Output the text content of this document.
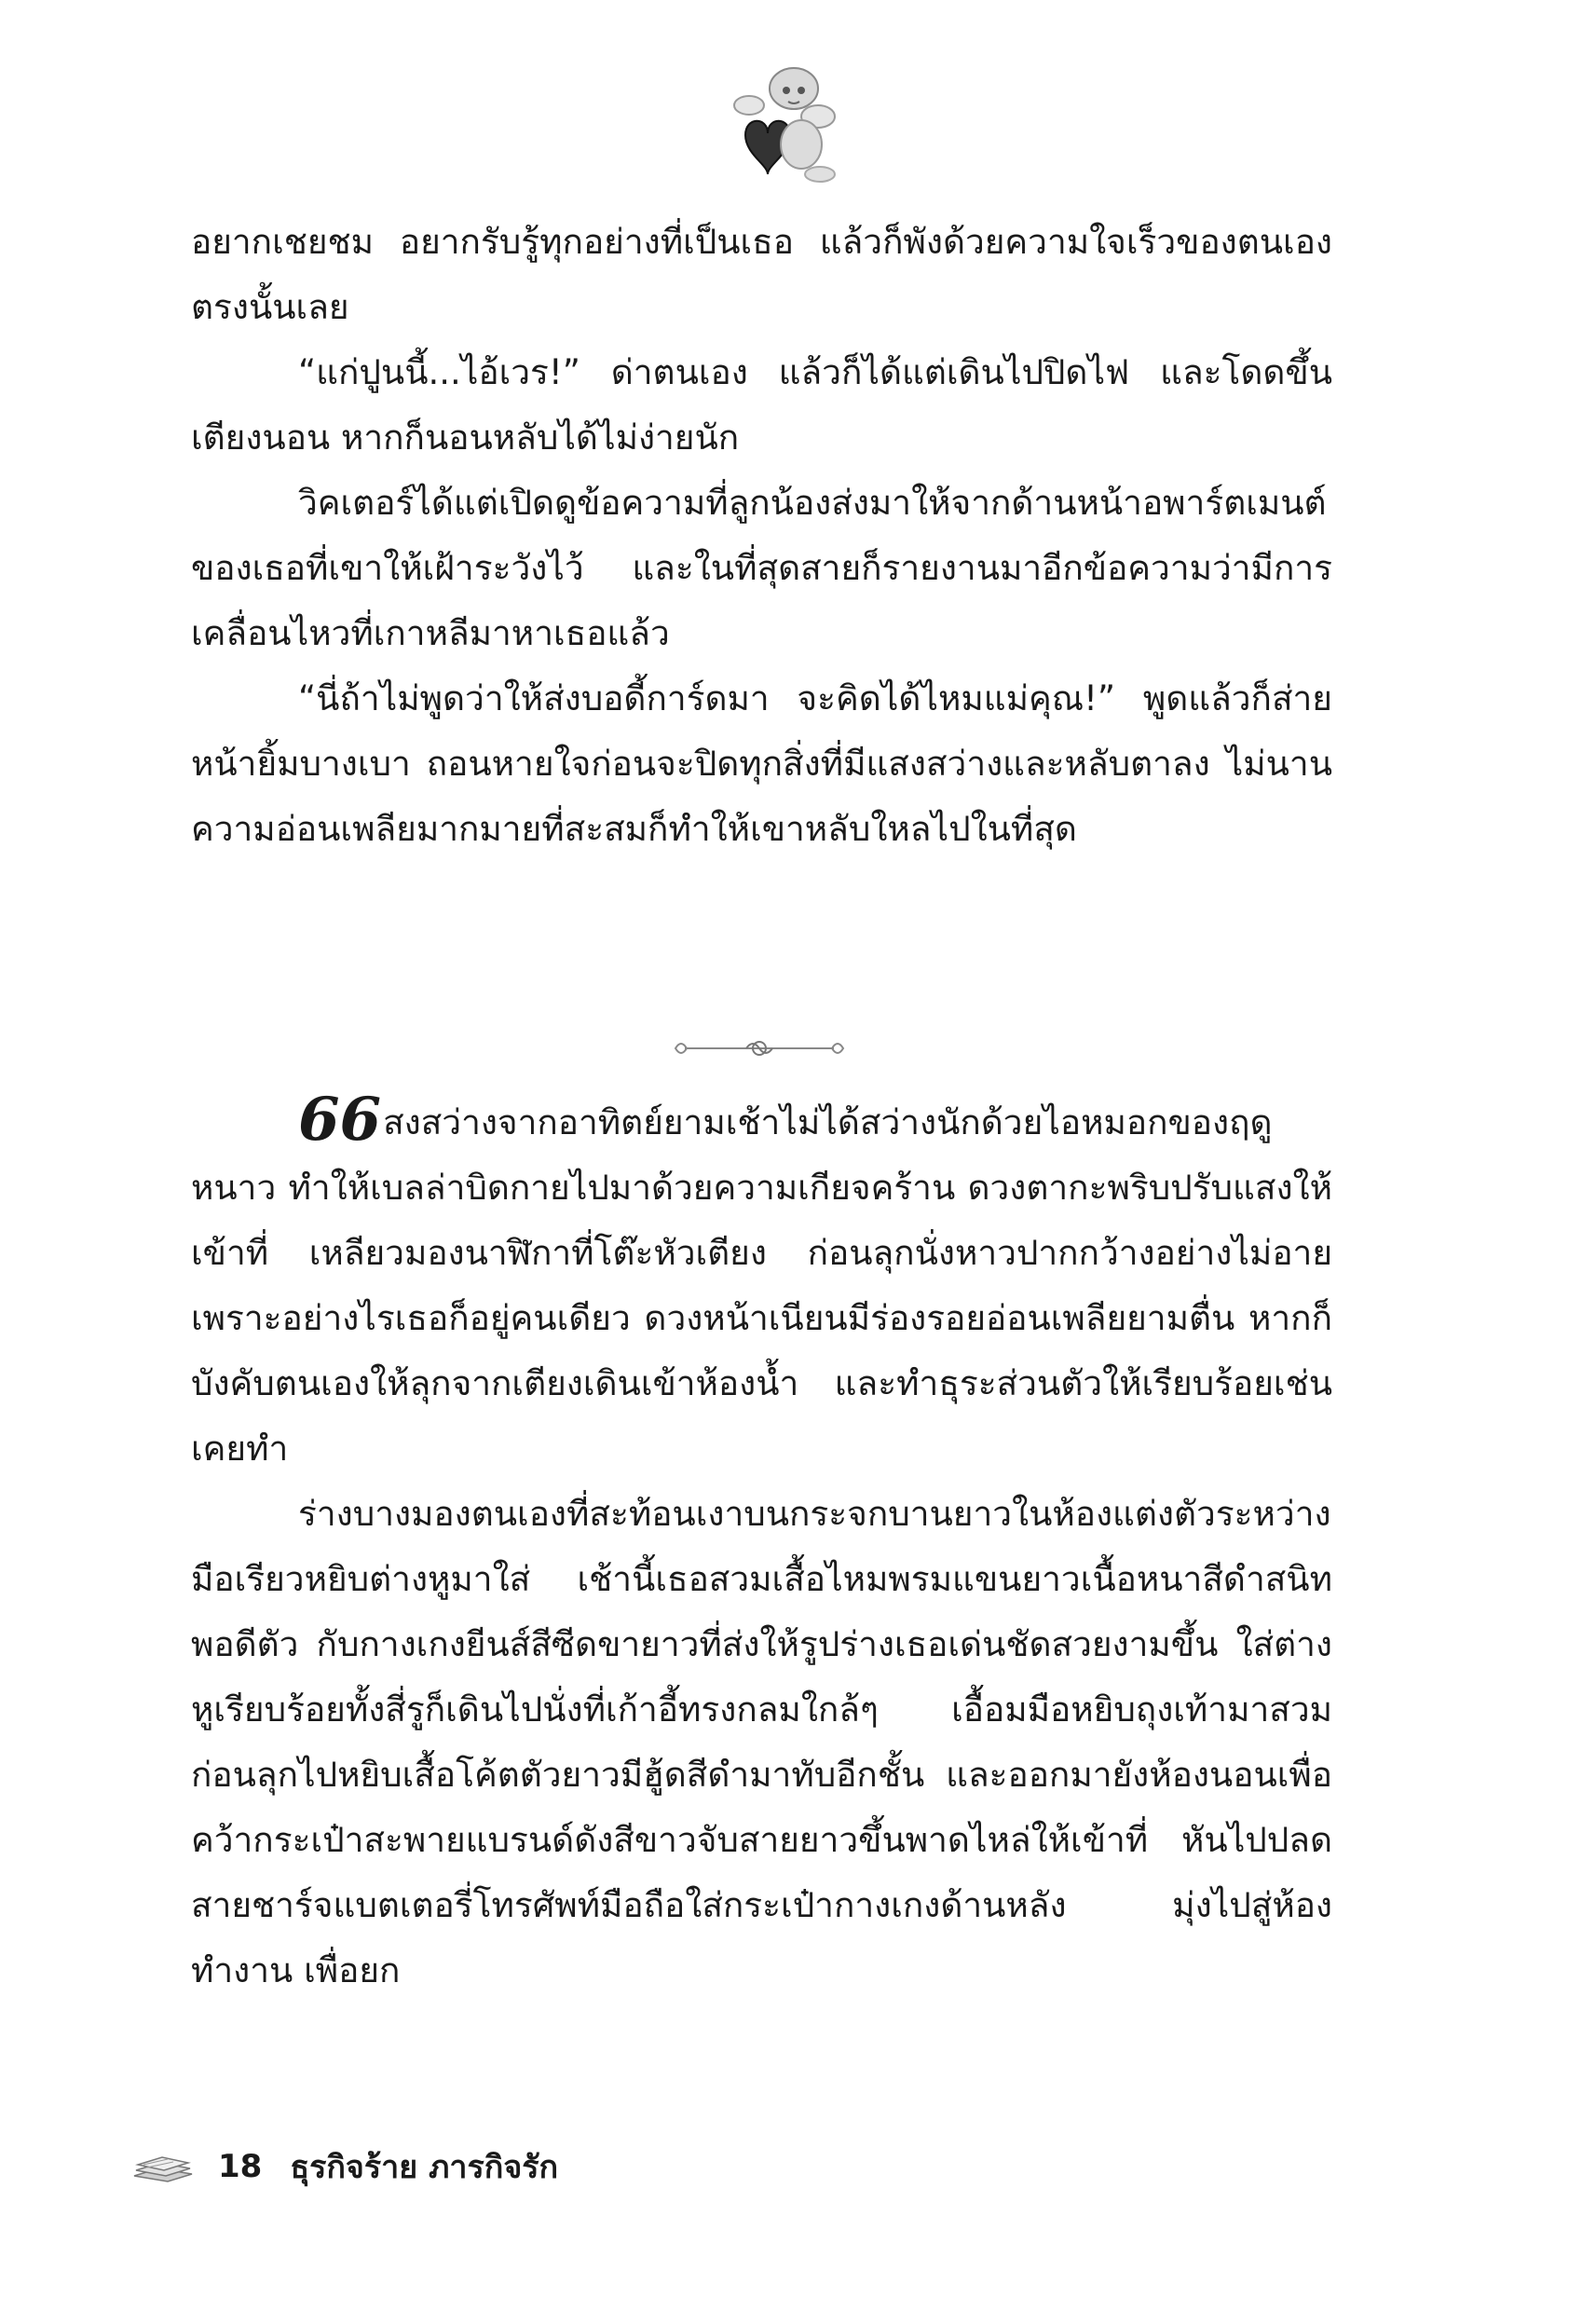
อยากเชยชม อยากรับรู้ทุกอย่างที่เป็นเธอ แล้วก็พังด้วยความใจเร็วของตนเองตรงนั้นเลย

“แก่ปูนนี้...ไอ้เวร!” ด่าตนเอง แล้วก็ได้แต่เดินไปปิดไฟ และโดดขึ้นเตียงนอน หากก็นอนหลับได้ไม่ง่ายนัก

วิคเตอร์ได้แต่เปิดดูข้อความที่ลูกน้องส่งมาให้จากด้านหน้าอพาร์ตเมนต์ของเธอที่เขาให้เฝ้าระวังไว้ และในที่สุดสายก็รายงานมาอีกข้อความว่ามีการเคลื่อนไหวที่เกาหลีมาหาเธอแล้ว

“นี่ถ้าไม่พูดว่าให้ส่งบอดี้การ์ดมา จะคิดได้ไหมแม่คุณ!” พูดแล้วก็ส่ายหน้ายิ้มบางเบา ถอนหายใจก่อนจะปิดทุกสิ่งที่มีแสงสว่างและหลับตาลง ไม่นานความอ่อนเพลียมากมายที่สะสมก็ทำให้เขาหลับใหลไปในที่สุด

66สงสว่างจากอาทิตย์ยามเช้าไม่ได้สว่างนักด้วยไอหมอกของฤดูหนาว ทำให้เบลล่าบิดกายไปมาด้วยความเกียจคร้าน ดวงตากะพริบปรับแสงให้เข้าที่ เหลียวมองนาฬิกาที่โต๊ะหัวเตียง ก่อนลุกนั่งหาวปากกว้างอย่างไม่อาย เพราะอย่างไรเธอก็อยู่คนเดียว ดวงหน้าเนียนมีร่องรอยอ่อนเพลียยามตื่น หากก็บังคับตนเองให้ลุกจากเตียงเดินเข้าห้องน้ำ และทำธุระส่วนตัวให้เรียบร้อยเช่นเคยทำ

ร่างบางมองตนเองที่สะท้อนเงาบนกระจกบานยาวในห้องแต่งตัวระหว่างมือเรียวหยิบต่างหูมาใส่ เช้านี้เธอสวมเสื้อไหมพรมแขนยาวเนื้อหนาสีดำสนิทพอดีตัว กับกางเกงยีนส์สีซีดขายาวที่ส่งให้รูปร่างเธอเด่นชัดสวยงามขึ้น ใส่ต่างหูเรียบร้อยทั้งสี่รูก็เดินไปนั่งที่เก้าอี้ทรงกลมใกล้ๆ เอื้อมมือหยิบถุงเท้ามาสวม ก่อนลุกไปหยิบเสื้อโค้ตตัวยาวมีฮู้ดสีดำมาทับอีกชั้น และออกมายังห้องนอนเพื่อคว้ากระเป๋าสะพายแบรนด์ดังสีขาวจับสายยาวขึ้นพาดไหล่ให้เข้าที่ หันไปปลดสายชาร์จแบตเตอรี่โทรศัพท์มือถือใส่กระเป๋ากางเกงด้านหลัง มุ่งไปสู่ห้องทำงาน เพื่อยก

18 ธุรกิจร้าย ภารกิจรัก
